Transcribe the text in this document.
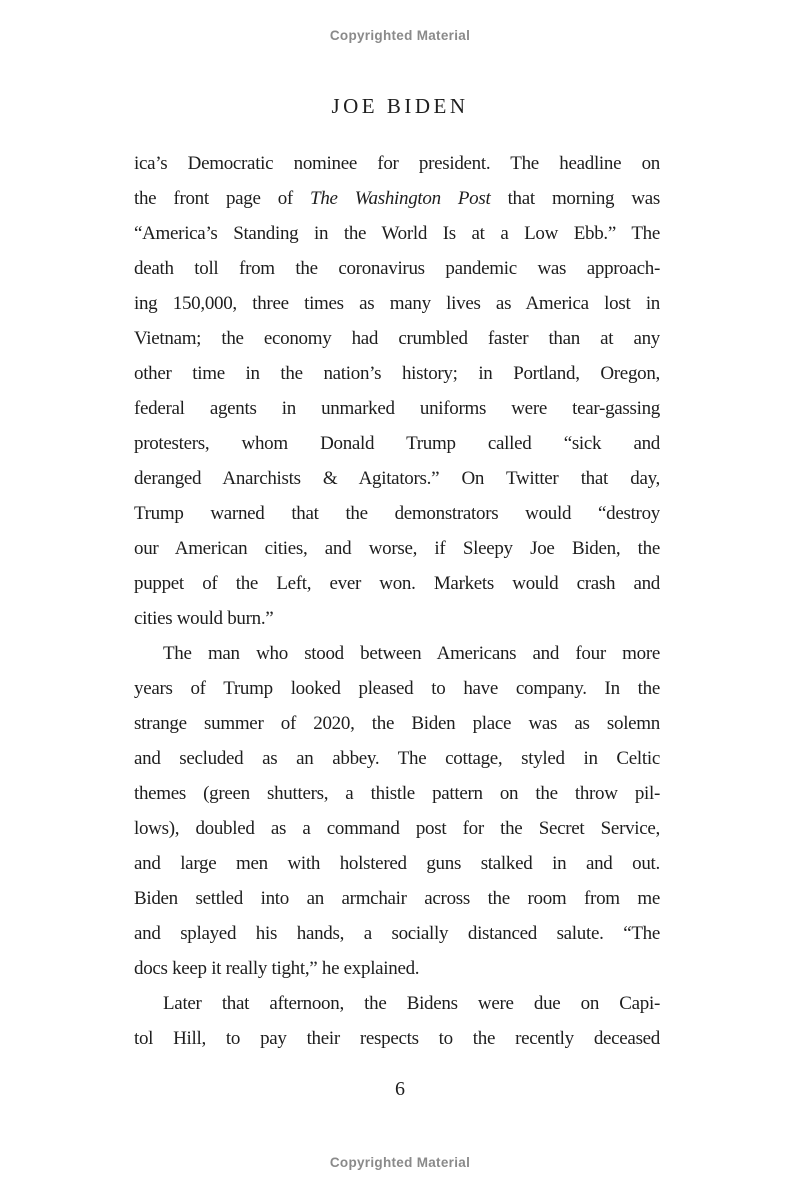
Copyrighted Material
JOE BIDEN
ica’s Democratic nominee for president. The headline on
the front page of The Washington Post that morning was
“America’s Standing in the World Is at a Low Ebb.” The
death toll from the coronavirus pandemic was approach-
ing 150,000, three times as many lives as America lost in
Vietnam; the economy had crumbled faster than at any
other time in the nation’s history; in Portland, Oregon,
federal agents in unmarked uniforms were tear-gassing
protesters, whom Donald Trump called “sick and
deranged Anarchists & Agitators.” On Twitter that day,
Trump warned that the demonstrators would “destroy
our American cities, and worse, if Sleepy Joe Biden, the
puppet of the Left, ever won. Markets would crash and
cities would burn.”
The man who stood between Americans and four more
years of Trump looked pleased to have company. In the
strange summer of 2020, the Biden place was as solemn
and secluded as an abbey. The cottage, styled in Celtic
themes (green shutters, a thistle pattern on the throw pil-
lows), doubled as a command post for the Secret Service,
and large men with holstered guns stalked in and out.
Biden settled into an armchair across the room from me
and splayed his hands, a socially distanced salute. “The
docs keep it really tight,” he explained.
Later that afternoon, the Bidens were due on Capi-
tol Hill, to pay their respects to the recently deceased
6
Copyrighted Material
